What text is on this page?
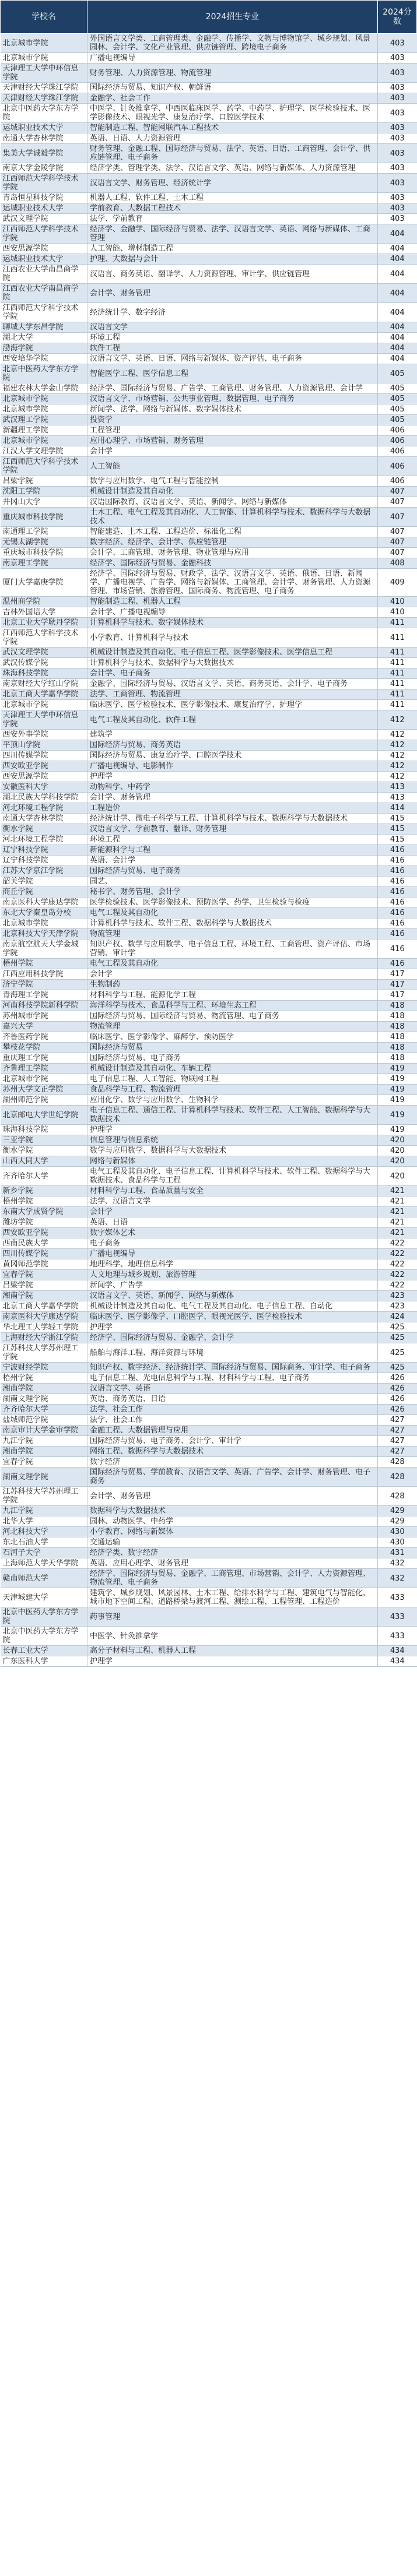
学校名	2024招生专业	2024分数
北京城市学院	外国语言文学类、工商管理类、金融学、传播学、文物与博物馆学、城乡规划、风景园林、会计学、文化产业管理、供应链管理、跨境电子商务	403
北京城市学院	广播电视编导	403
天津理工大学中环信息学院	财务管理、人力资源管理、物流管理	403
天津财经大学珠江学院	国际经济与贸易、知识产权、朝鲜语	403
天津财经大学珠江学院	金融学、社会工作	403
北京中医药大学东方学院	中医学、针灸推拿学、中西医临床医学、药学、中药学、护理学、医学检验技术、医学影像技术、眼视光学、康复治疗学、口腔医学技术	403
运城职业技术大学	智能制造工程、智能网联汽车工程技术	403
南通大学杏林学院	英语、日语、人力资源管理	403
集美大学诚毅学院	财务管理、金融工程、国际经济与贸易、法学、英语、日语、工商管理、会计学、供应链管理、电子商务	403
南京大学金陵学院	经济学类、管理学类、法学、汉语言文学、英语、网络与新媒体、人力资源管理	403
江西师范大学科学技术学院	汉语言文学、财务管理、经济统计学	403
青岛恒星科技学院	机器人工程、软件工程、土木工程	403
运城职业技术大学	学前教育、大数据工程技术	403
武汉文理学院	法学、学前教育	403
江西师范大学科学技术学院	经济学、金融学、国际经济与贸易、法学、汉语言文学、英语、网络与新媒体、工商管理	404
西安思源学院	人工智能、增材制造工程	404
运城职业技术大学	护理、大数据与会计	404
江西农业大学南昌商学院	汉语言、商务英语、翻译学、人力资源管理、审计学、供应链管理	404
江西农业大学南昌商学院	会计学、财务管理	404
江西师范大学科学技术学院	经济统计学、数字经济	404
聊城大学东昌学院	汉语言文学	404
湖北大学	环境工程	404
渤海学院	软件工程	404
西安培华学院	汉语言文学、英语、日语、网络与新媒体、资产评估、电子商务	404
北京中医药大学东方学院	智能医学工程、医学信息工程	405
福建农林大学金山学院	经济学、国际经济与贸易、广告学、工商管理、财务管理、人力资源管理、会计学	405
北京城市学院	汉语言文学、市场营销、公共事业管理、数据管理、电子商务	405
北京城市学院	新闻学、法学、网络与新媒体、数字媒体技术	405
武汉理工学院	投资学	405
新疆理工学院	工程管理	406
北京城市学院	应用心理学、市场营销、财务管理	406
江汉大学文理学院	会计学	406
江西师范大学科学技术学院	人工智能	406
吕梁学院	数学与应用数学、电气工程与智能控制	406
沈阳工学院	机械设计制造及其自动化	407
井冈山大学	汉语国际教育、汉语言文学、英语、新闻学、网络与新媒体	407
重庆城市科技学院	土木工程、电气工程及其自动化、人工智能、计算机科学与技术、数据科学与大数据技术	407
南通理工学院	智能建造、土木工程、工程造价、标准化工程	407
无锡太湖学院	数字经济、经济学、会计学、供应链管理	407
重庆城市科技学院	会计学、工商管理、财务管理、物业管理与应用	407
南京理工学院	经济学、国际经济与贸易、金融科技	408
厦门大学嘉庚学院	经济学、国际经济与贸易、财政学、法学、汉语言文学、英语、俄语、日语、新闻学、广播电视学、广告学、网络与新媒体、工商管理、会计学、财务管理、人力资源管理、市场营销、旅游管理、国际商务、物流管理、电子商务	409
温州商学院	智能制造工程、机器人工程	410
吉林外国语大学	会计学、广播电视编导	410
北京工业大学耿丹学院	计算机科学与技术、数字媒体技术	411
江西师范大学科学技术学院	小学教育、计算机科学与技术	411
武汉文理学院	机械设计制造及其自动化、电子信息工程、医学影像技术、医学信息工程	411
武汉传媒学院	计算机科学与技术、数据科学与大数据技术	411
珠海科技学院	会计学、电子商务	411
南京财经大学红山学院	金融学、国际经济与贸易、汉语言文学、英语、商务英语、会计学、电子商务	411
北京工商大学嘉华学院	法学、工商管理、物流管理	411
北京城市学院	临床医学、医学检验技术、医学影像技术、康复治疗学、护理学	411
天津理工大学中环信息学院	电气工程及其自动化、软件工程	412
西安外事学院	建筑学	412
平顶山学院	国际经济与贸易、商务英语	412
四川传媒学院	国际经济与贸易、康复治疗学、口腔医学技术	412
西安欧亚学院	广播电视编导、电影制作	412
西安思源学院	护理学	412
安徽医科大学	动物科学、中药学	413
湖北民族大学科技学院	会计学、财务管理	413
河北环境工程学院	工程造价	414
南通大学杏林学院	经济统计学、微电子科学与工程、计算机科学与技术、数据科学与大数据技术	415
衡水学院	汉语言文学、学前教育、翻译、财务管理	415
河北环境工程学院	环境工程	415
辽宁科技学院	新能源科学与工程	416
辽宁科技学院	英语、会计学	416
江苏大学京江学院	国际经济与贸易、电子商务	416
韶关学院	园艺、	416
商丘学院	秘书学、财务管理、会计学	416
南京医科大学康达学院	医学检验技术、医学影像技术、预防医学、药学、卫生检验与检疫	416
东北大学秦皇岛分校	电气工程及其自动化	416
北京城市学院	计算机科学与技术、软件工程、数据科学与大数据技术	416
北京科技大学天津学院	物流管理	416
南京航空航天大学金城学院	知识产权、数学与应用数学、电子信息工程、环境工程、工商管理、资产评估、市场营销、审计学	416
梧州学院	电气工程及其自动化	416
江西应用科技学院	会计学	417
济宁学院	生物制药	417
青海理工学院	材料科学与工程、能源化学工程	417
河南科技学院新科学院	海洋科学与技术、食品科学与工程、环境生态工程	418
苏州城市学院	国际经济与贸易、国际经济与贸易、物流管理、电子商务	418
嘉兴大学	物流管理	418
齐鲁医药学院	临床医学、医学影像学、麻醉学、预防医学	418
攀枝花学院	国际经济与贸易	418
重庆理工学院	国际经济与贸易、电子商务	418
齐鲁理工学院	机械设计制造及其自动化、车辆工程	419
北京城市学院	电子信息工程、人工智能、物联网工程	419
苏州大学文正学院	食品科学与工程、物流管理	419
湖州师范学院	应用化学、数学与应用数学、生物科学	419
北京邮电大学世纪学院	电子信息工程、通信工程、计算机科学与技术、软件工程、人工智能、数据科学与大数据技术	419
珠海科技学院	护理学	419
三亚学院	信息管理与信息系统	420
衡水学院	数学与应用数学、数据科学与大数据技术	420
山西大同大学	网络与新媒体	420
齐齐哈尔大学	电气工程及其自动化、电子信息工程、计算机科学与技术、软件工程、数据科学与大数据技术、食品科学与工程	420
新乡学院	材料科学与工程、食品质量与安全	421
梧州学院	法学、汉语言文学	421
东南大学成贤学院	会计学	421
潍坊学院	英语、日语	421
西安欧亚学院	数字媒体艺术	421
西南民族大学	电子商务	422
四川传媒学院	广播电视编导	422
黄冈师范学院	地理科学、地理信息科学	422
宜春学院	人文地理与城乡规划、旅游管理	422
吕梁学院	新闻学、广告学	422
湘南学院	汉语言文学、英语、新闻学、网络与新媒体	423
北京工商大学嘉华学院	机械设计制造及其自动化、电气工程及其自动化、电子信息工程、自动化	423
南京医科大学康达学院	临床医学、医学影像学、口腔医学、眼视光医学、医学检验技术	424
华北理工大学轻工学院	护理学	425
上海财经大学浙江学院	经济学、国际经济与贸易、金融学、会计学	425
江苏科技大学苏州理工学院	船舶与海洋工程、海洋资源与环境	425
宁波财经学院	知识产权、数字经济、经济统计学、国际经济与贸易、国际商务、审计学、电子商务	425
梧州学院	电子信息工程、光电信息科学与工程、材料科学与工程、电子商务	426
湘南学院	汉语言文学、英语	426
湖南文理学院	英语、商务英语、日语	426
齐齐哈尔大学	法学、社会工作	426
盐城师范学院	法学、社会工作	427
南京审计大学金审学院	金融工程、大数据管理与应用	427
九江学院	国际经济与贸易、电子商务、会计学、审计学	427
湘南学院	网络工程、数据科学与大数据技术	427
宜春学院	数字经济	428
湖南文理学院	国际经济与贸易、学前教育、汉语言文学、英语、广告学、会计学、财务管理、电子商务	428
江苏科技大学苏州理工学院	会计学、财务管理	428
九江学院	数据科学与大数据技术	429
北华大学	园林、动物医学、中药学	429
河北科技大学	小学教育、网络与新媒体	430
东北石油大学	交通运输	430
石河子大学	经济学类、数字经济	431
上海师范大学天华学院	英语、应用心理学、财务管理	432
赣南师范大学	经济学、国际经济与贸易、金融学、工商管理、市场营销、会计学、人力资源管理、物流管理、电子商务	432
天津城建大学	建筑学、城乡规划、风景园林、土木工程、给排水科学与工程、建筑电气与智能化、城市地下空间工程、道路桥梁与渡河工程、测绘工程、工程管理、工程造价	433
北京中医药大学东方学院	药事管理	433
北京中医药大学东方学院	中医学、针灸推拿学	433
长春工业大学	高分子材料与工程、机器人工程	434
广东医科大学	护理学	434
